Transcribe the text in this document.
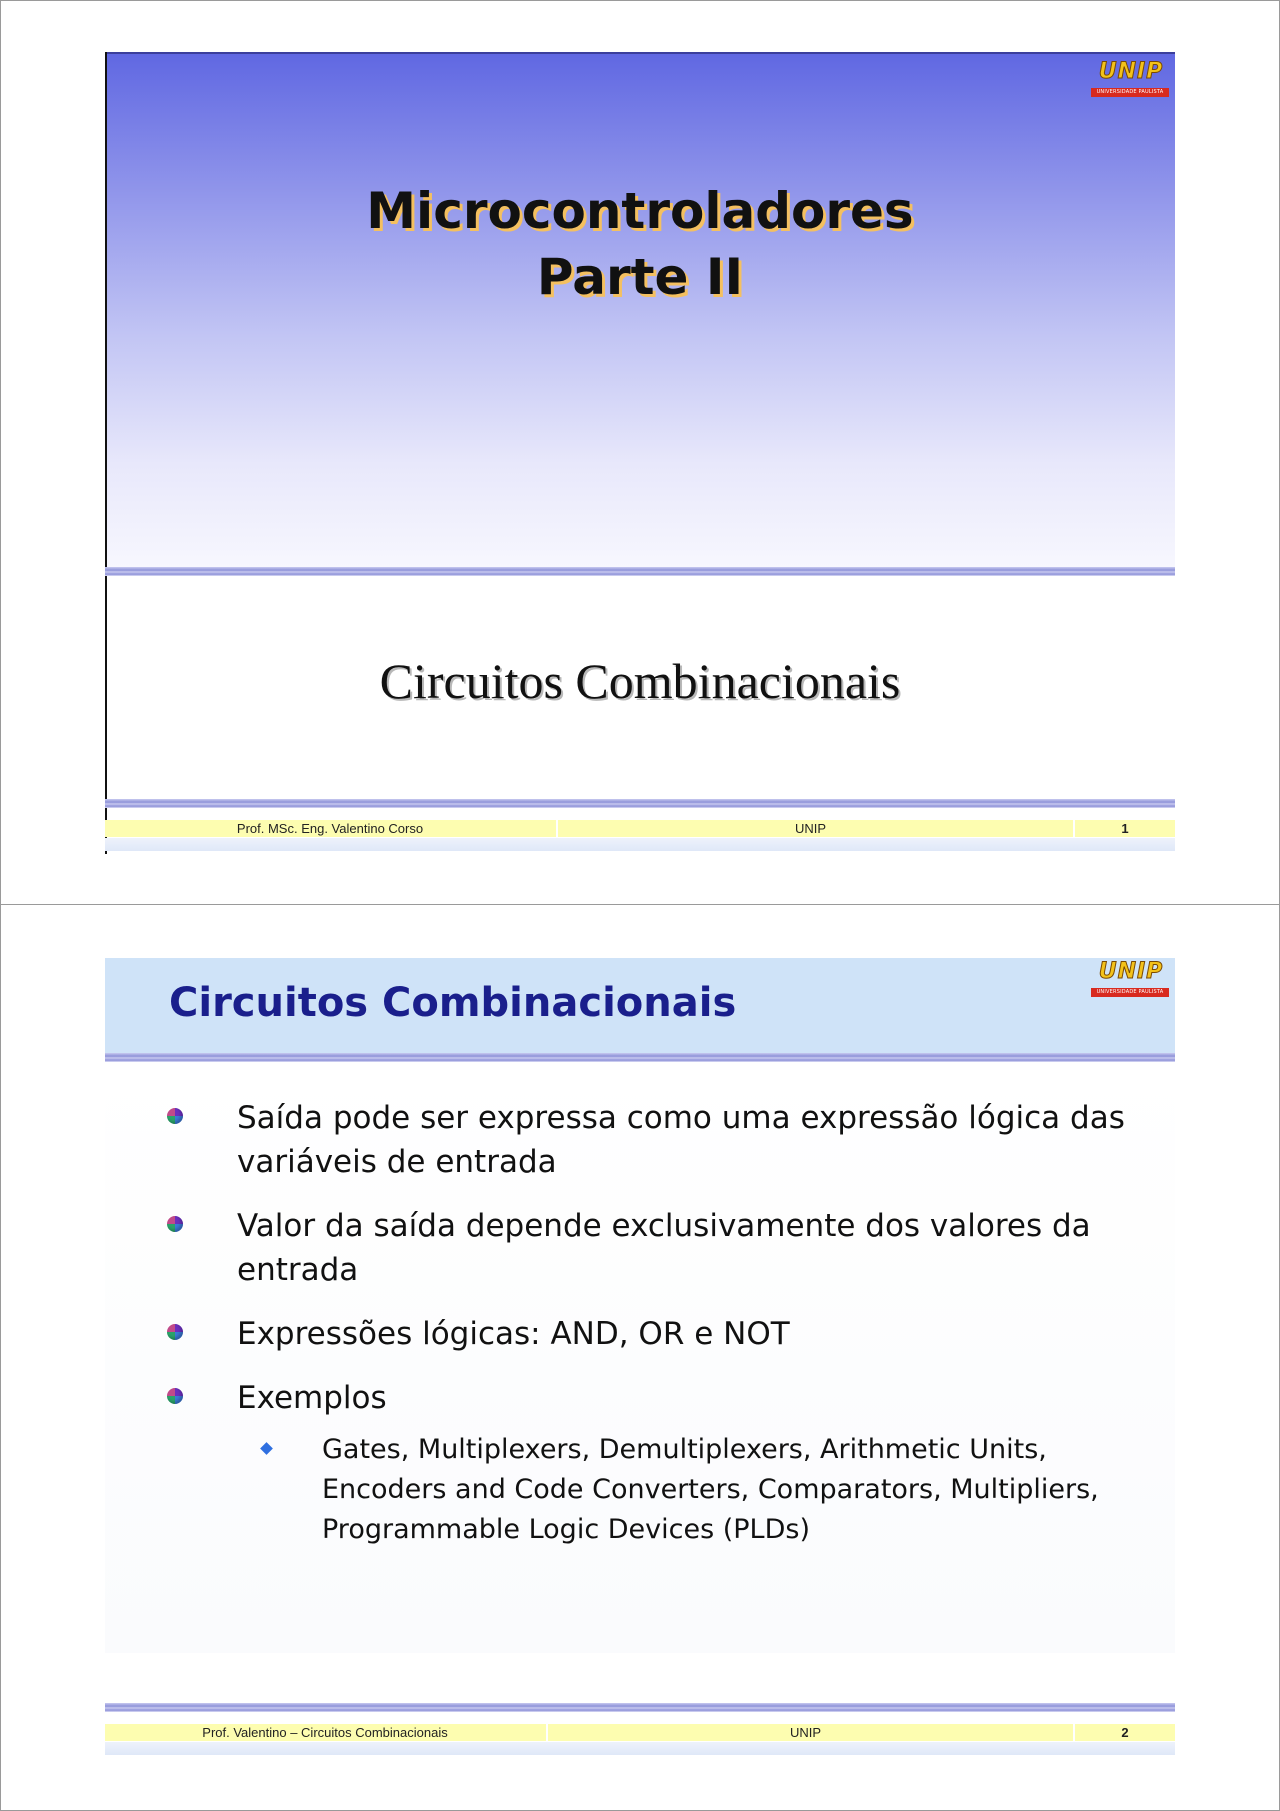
UNIP
UNIVERSIDADE PAULISTA
Microcontroladores
Parte II
Circuitos Combinacionais
Prof. MSc. Eng. Valentino Corso	UNIP	1
Circuitos Combinacionais
UNIP
UNIVERSIDADE PAULISTA
Saída pode ser expressa como uma expressão lógica das variáveis de entrada
Valor da saída depende exclusivamente dos valores da entrada
Expressões lógicas: AND, OR e NOT
Exemplos
Gates, Multiplexers, Demultiplexers, Arithmetic Units, Encoders and Code Converters, Comparators, Multipliers, Programmable Logic Devices (PLDs)
Prof. Valentino – Circuitos Combinacionais	UNIP	2
